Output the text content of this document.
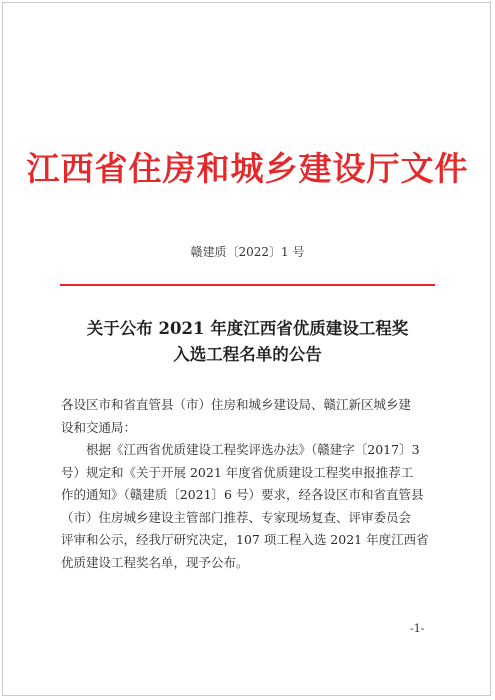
江西省住房和城乡建设厅文件
赣建质〔2022〕1 号
关于公布 2021 年度江西省优质建设工程奖
入选工程名单的公告
各设区市和省直管县（市）住房和城乡建设局、赣江新区城乡建
设和交通局：
根据《江西省优质建设工程奖评选办法》（赣建字〔2017〕3
号）规定和《关于开展 2021 年度省优质建设工程奖申报推荐工
作的通知》（赣建质〔2021〕6 号）要求，经各设区市和省直管县
（市）住房城乡建设主管部门推荐、专家现场复查、评审委员会
评审和公示，经我厅研究决定，107 项工程入选 2021 年度江西省
优质建设工程奖名单，现予公布。
-1-
